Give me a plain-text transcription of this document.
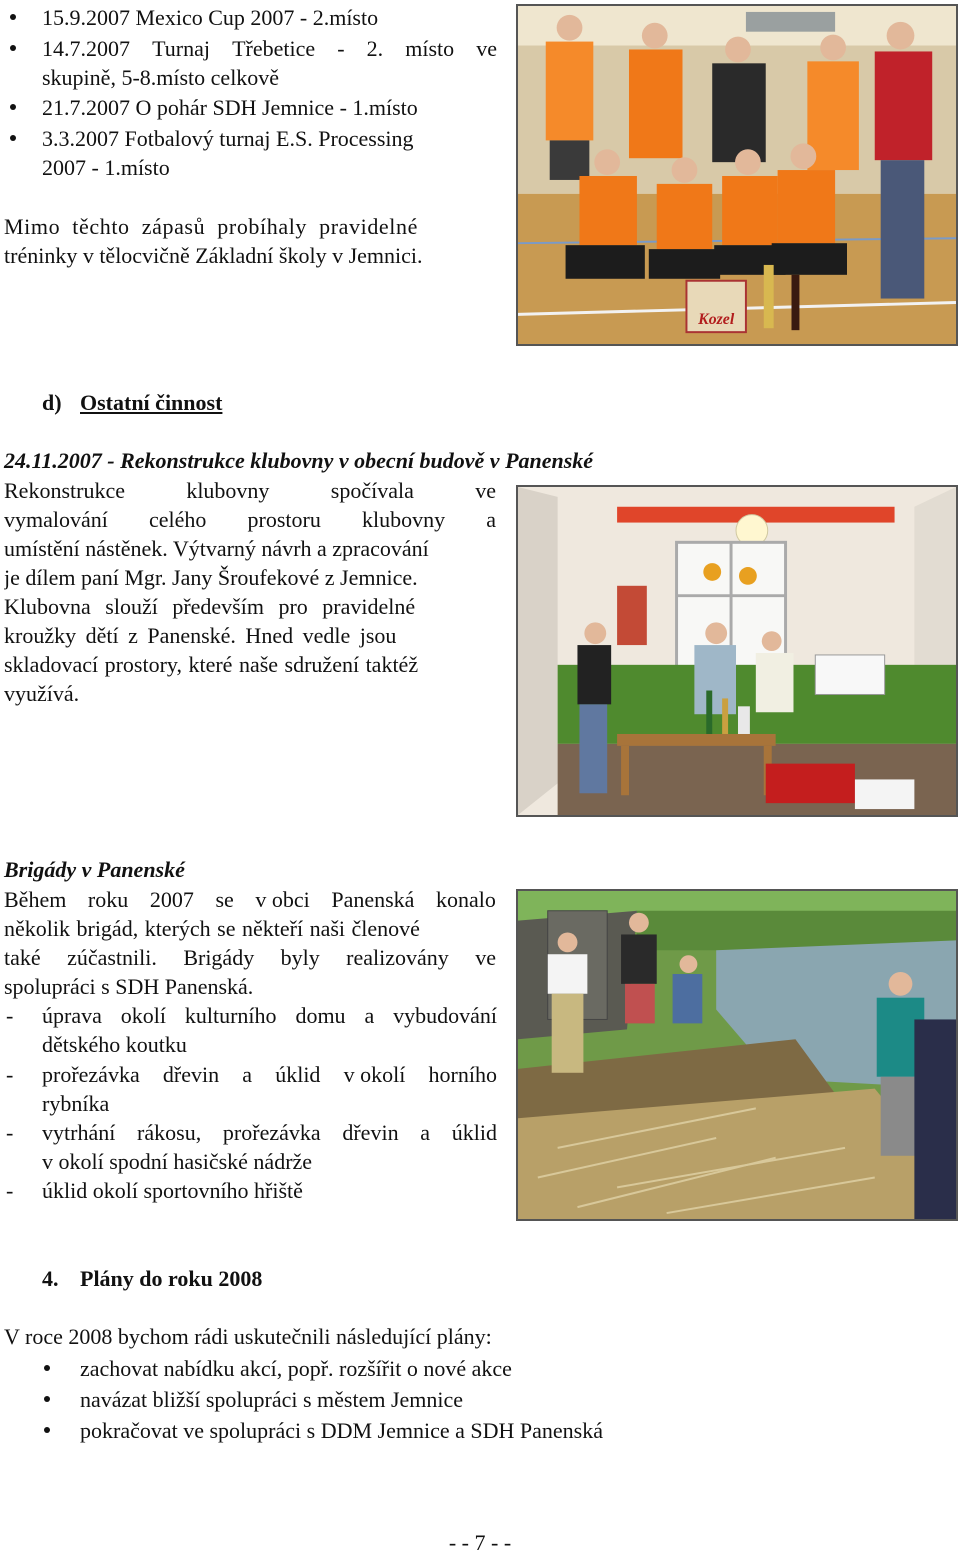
15.9.2007 Mexico Cup 2007 - 2.místo
14.7.2007 Turnaj Třebetice - 2. místo ve
skupině, 5-8.místo celkově
21.7.2007 O pohár SDH Jemnice - 1.místo
3.3.2007 Fotbalový turnaj E.S. Processing
2007 - 1.místo
Mimo těchto zápasů probíhaly pravidelné
tréninky v tělocvičně Základní školy v Jemnici.
Kozel
d) Ostatní činnost
24.11.2007 - Rekonstrukce klubovny v obecní budově v Panenské
Rekonstrukce	klubovny	spočívala	ve
vymalování celého prostoru klubovny a
umístění nástěnek. Výtvarný návrh a zpracování
je dílem paní Mgr. Jany Šroufekové z Jemnice.
Klubovna slouží především pro pravidelné
kroužky dětí z Panenské. Hned vedle jsou
skladovací prostory, které naše sdružení taktéž
využívá.
Brigády v Panenské
Během roku 2007 se v obci Panenská konalo
několik brigád, kterých se někteří naši členové
také zúčastnili. Brigády byly realizovány ve
spolupráci s SDH Panenská.
- úprava okolí kulturního domu a vybudování
dětského koutku
- prořezávka dřevin a úklid v okolí horního
rybníka
- vytrhání rákosu, prořezávka dřevin a úklid
v okolí spodní hasičské nádrže
- úklid okolí sportovního hřiště
4. Plány do roku 2008
V roce 2008 bychom rádi uskutečnili následující plány:
zachovat nabídku akcí, popř. rozšířit o nové akce
navázat bližší spolupráci s městem Jemnice
pokračovat ve spolupráci s DDM Jemnice a SDH Panenská
- - 7 - -
